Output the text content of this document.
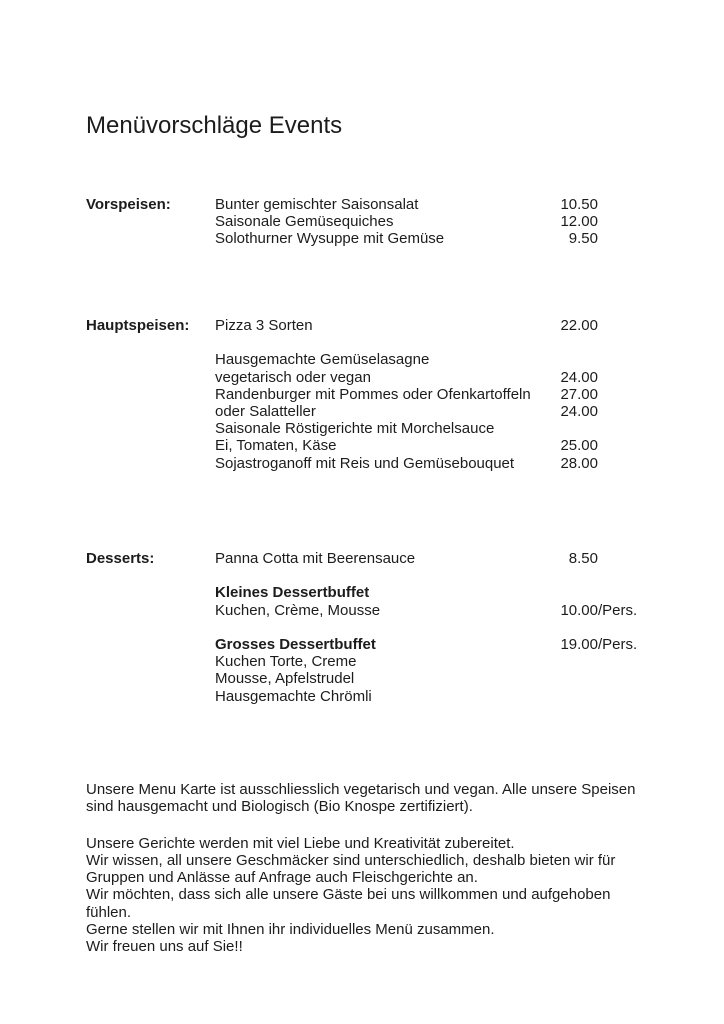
Menüvorschläge Events
Vorspeisen:	Bunter gemischter Saisonsalat	10.50
Saisonale Gemüsequiches	12.00
Solothurner Wysuppe mit Gemüse	9.50
Hauptspeisen: Pizza 3 Sorten	22.00
Hausgemachte Gemüselasagne
vegetarisch oder vegan	24.00
Randenburger mit Pommes oder Ofenkartoffeln	27.00
oder Salatteller	24.00
Saisonale Röstigerichte mit Morchelsauce
Ei, Tomaten, Käse	25.00
Sojastroganoff mit Reis und Gemüsebouquet	28.00
Desserts:	Panna Cotta mit Beerensauce	8.50
Kleines Dessertbuffet
Kuchen, Crème, Mousse	10.00 /Pers.
Grosses Dessertbuffet	19.00 /Pers.
Kuchen Torte, Creme
Mousse, Apfelstrudel
Hausgemachte Chrömli
Unsere Menu Karte ist ausschliesslich vegetarisch und vegan. Alle unsere Speisen
sind hausgemacht und Biologisch (Bio Knospe zertifiziert).
Unsere Gerichte werden mit viel Liebe und Kreativität zubereitet.
Wir wissen, all unsere Geschmäcker sind unterschiedlich, deshalb bieten wir für
Gruppen und Anlässe auf Anfrage auch Fleischgerichte an.
Wir möchten, dass sich alle unsere Gäste bei uns willkommen und aufgehoben
fühlen.
Gerne stellen wir mit Ihnen ihr individuelles Menü zusammen.
Wir freuen uns auf Sie!!
